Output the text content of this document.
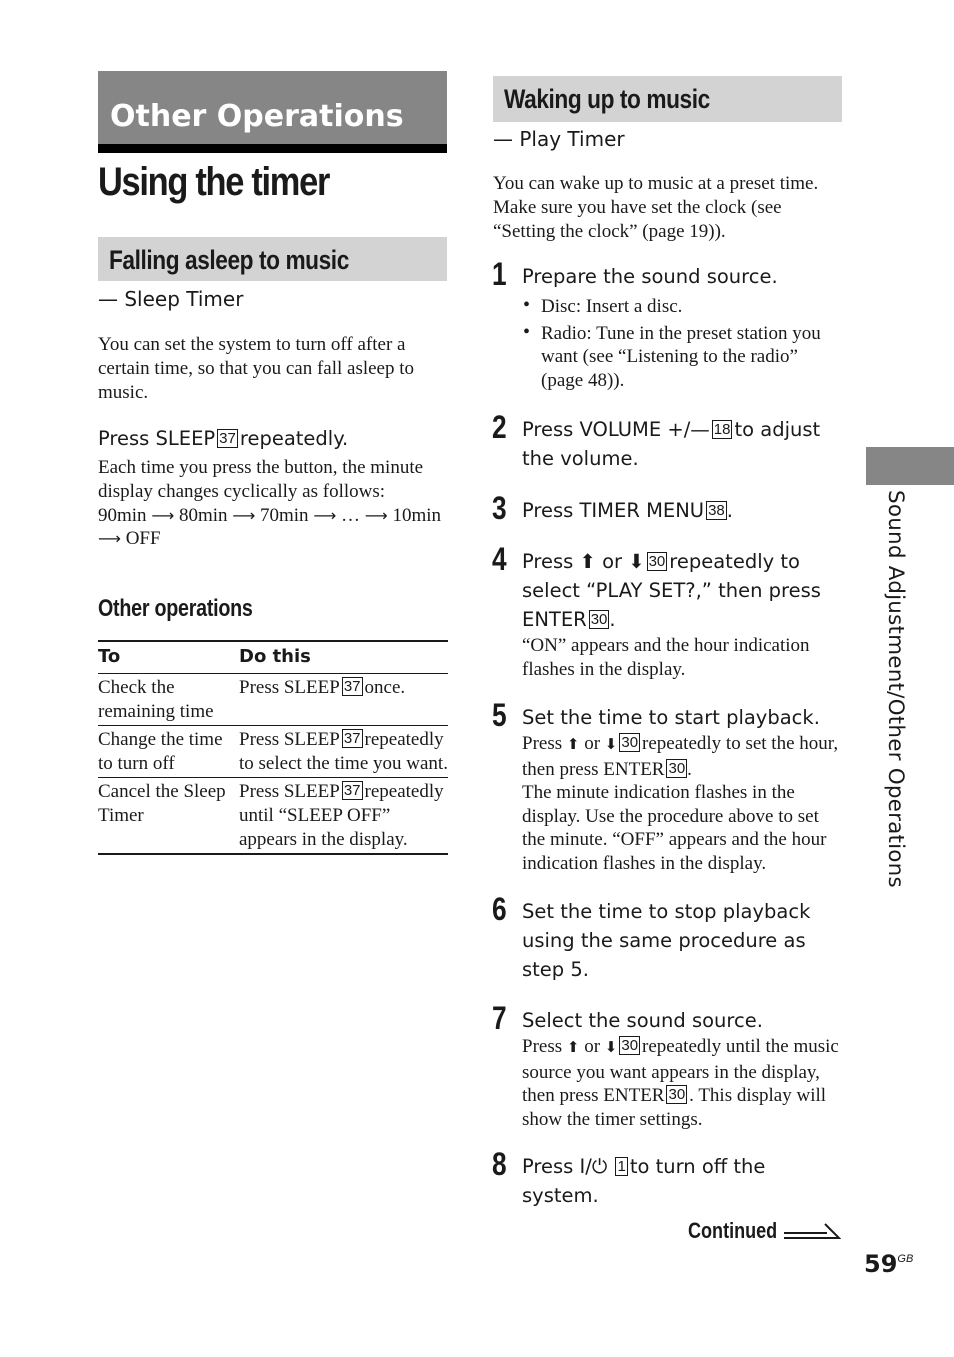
Other Operations
Using the timer
Falling asleep to music
— Sleep Timer
You can set the system to turn off after a certain time, so that you can fall asleep to music.
Press SLEEP 37 repeatedly.
Each time you press the button, the minute display changes cyclically as follows:
90min ⟶ 80min ⟶ 70min ⟶ … ⟶ 10min ⟶ OFF
Other operations
To	Do this
Check the remaining time	Press SLEEP 37 once.
Change the time to turn off	Press SLEEP 37 repeatedly to select the time you want.
Cancel the Sleep Timer	Press SLEEP 37 repeatedly until “SLEEP OFF” appears in the display.
Waking up to music
— Play Timer
You can wake up to music at a preset time. Make sure you have set the clock (see “Setting the clock” (page 19)).
1 Prepare the sound source.
• Disc: Insert a disc.
• Radio: Tune in the preset station you want (see “Listening to the radio” (page 48)).
2 Press VOLUME +/— 18 to adjust the volume.
3 Press TIMER MENU 38 .
4 Press ⬆ or ⬇ 30 repeatedly to select “PLAY SET?,” then press ENTER 30 .
“ON” appears and the hour indication flashes in the display.
5 Set the time to start playback.
Press ⬆ or ⬇ 30 repeatedly to set the hour, then press ENTER 30 .
The minute indication flashes in the display. Use the procedure above to set the minute. “OFF” appears and the hour indication flashes in the display.
6 Set the time to stop playback using the same procedure as step 5.
7 Select the sound source.
Press ⬆ or ⬇ 30 repeatedly until the music source you want appears in the display, then press ENTER 30 . This display will show the timer settings.
8 Press I/⏻ 1 to turn off the system.
Continued
Sound Adjustment/Other Operations
$59^{GB}$
